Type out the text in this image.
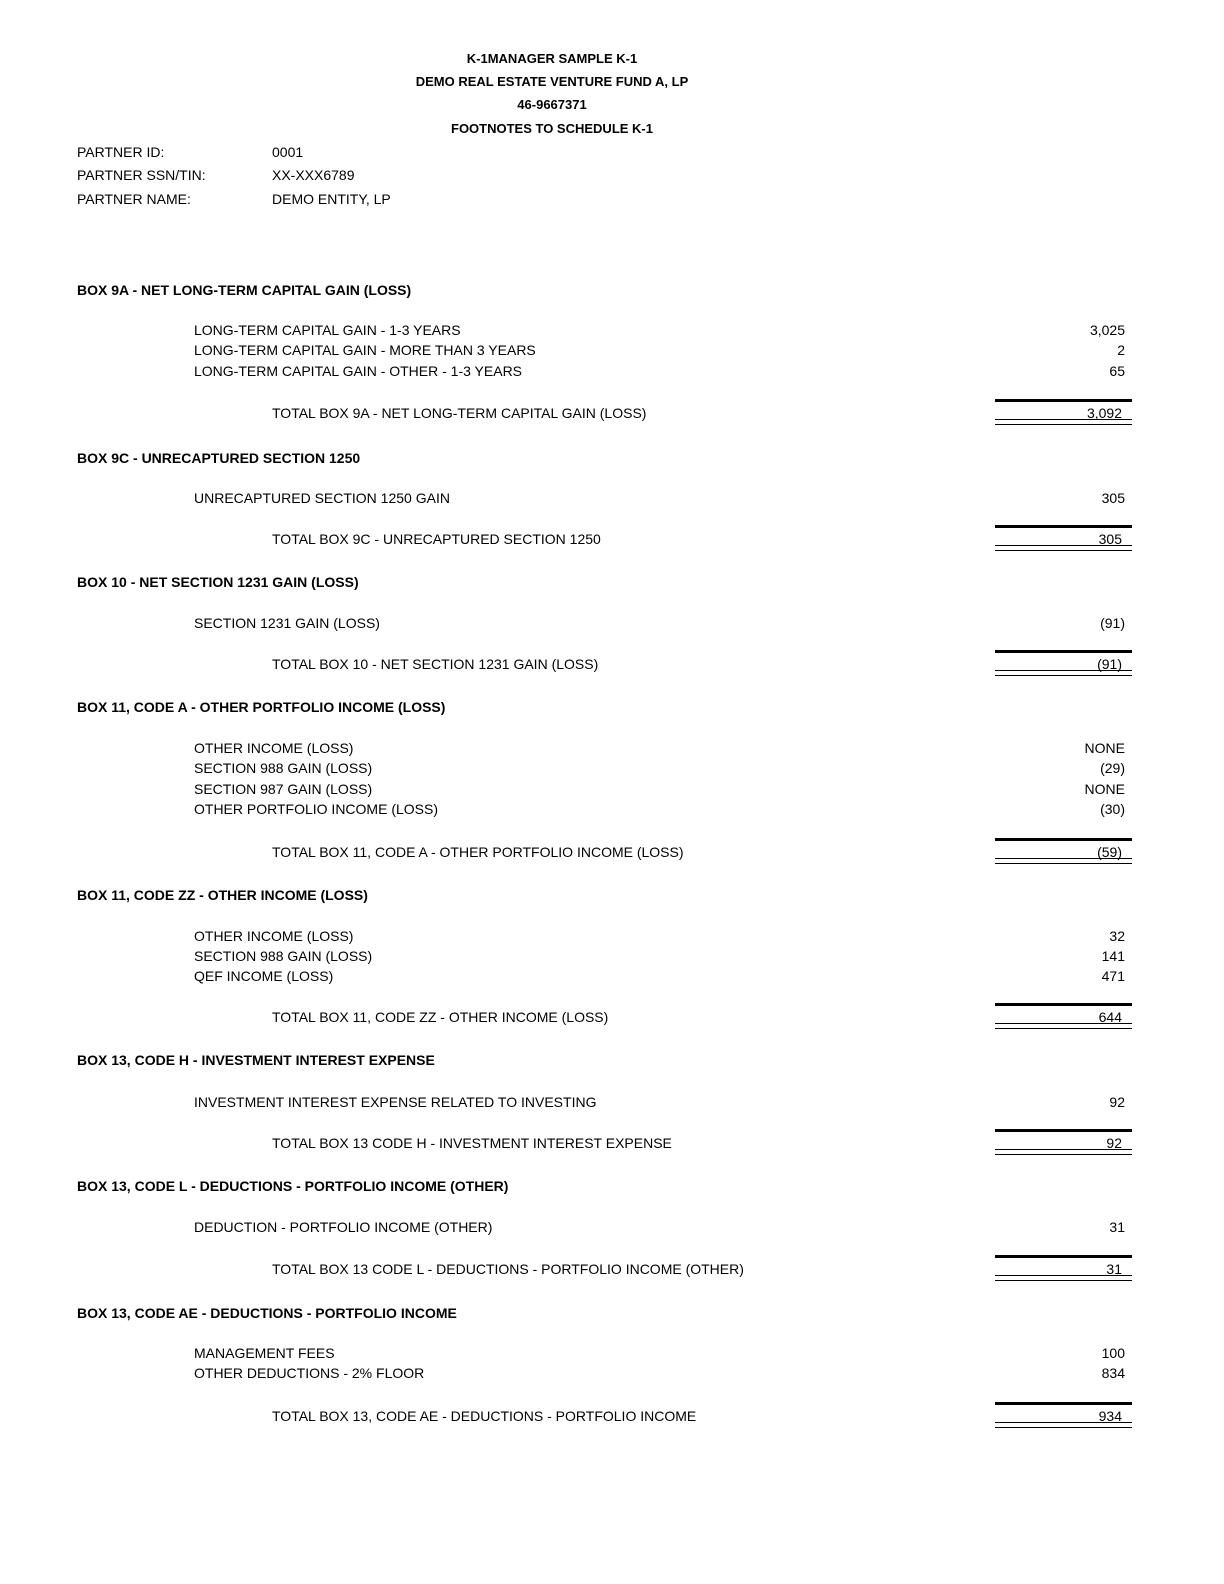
K-1MANAGER SAMPLE K-1
DEMO REAL ESTATE VENTURE FUND A, LP
46-9667371
FOOTNOTES TO SCHEDULE K-1
PARTNER ID:	0001
PARTNER SSN/TIN:	XX-XXX6789
PARTNER NAME:	DEMO ENTITY, LP
BOX 9A - NET LONG-TERM CAPITAL GAIN (LOSS)
LONG-TERM CAPITAL GAIN - 1-3 YEARS	3,025
LONG-TERM CAPITAL GAIN - MORE THAN 3 YEARS	2
LONG-TERM CAPITAL GAIN - OTHER - 1-3 YEARS	65
TOTAL BOX 9A - NET LONG-TERM CAPITAL GAIN (LOSS)	3,092
BOX 9C - UNRECAPTURED SECTION 1250
UNRECAPTURED SECTION 1250 GAIN	305
TOTAL BOX 9C - UNRECAPTURED SECTION 1250	305
BOX 10 - NET SECTION 1231 GAIN (LOSS)
SECTION 1231 GAIN (LOSS)	(91)
TOTAL BOX 10 - NET SECTION 1231 GAIN (LOSS)	(91)
BOX 11, CODE A - OTHER PORTFOLIO INCOME (LOSS)
OTHER INCOME (LOSS)	NONE
SECTION 988 GAIN (LOSS)	(29)
SECTION 987 GAIN (LOSS)	NONE
OTHER PORTFOLIO INCOME (LOSS)	(30)
TOTAL BOX 11, CODE A - OTHER PORTFOLIO INCOME (LOSS)	(59)
BOX 11, CODE ZZ - OTHER INCOME (LOSS)
OTHER INCOME (LOSS)	32
SECTION 988 GAIN (LOSS)	141
QEF INCOME (LOSS)	471
TOTAL BOX 11, CODE ZZ - OTHER INCOME (LOSS)	644
BOX 13, CODE H - INVESTMENT INTEREST EXPENSE
INVESTMENT INTEREST EXPENSE RELATED TO INVESTING	92
TOTAL BOX 13 CODE H - INVESTMENT INTEREST EXPENSE	92
BOX 13, CODE L - DEDUCTIONS - PORTFOLIO INCOME (OTHER)
DEDUCTION - PORTFOLIO INCOME (OTHER)	31
TOTAL BOX 13 CODE L - DEDUCTIONS - PORTFOLIO INCOME (OTHER)	31
BOX 13, CODE AE - DEDUCTIONS - PORTFOLIO INCOME
MANAGEMENT FEES	100
OTHER DEDUCTIONS - 2% FLOOR	834
TOTAL BOX 13, CODE AE - DEDUCTIONS - PORTFOLIO INCOME	934
